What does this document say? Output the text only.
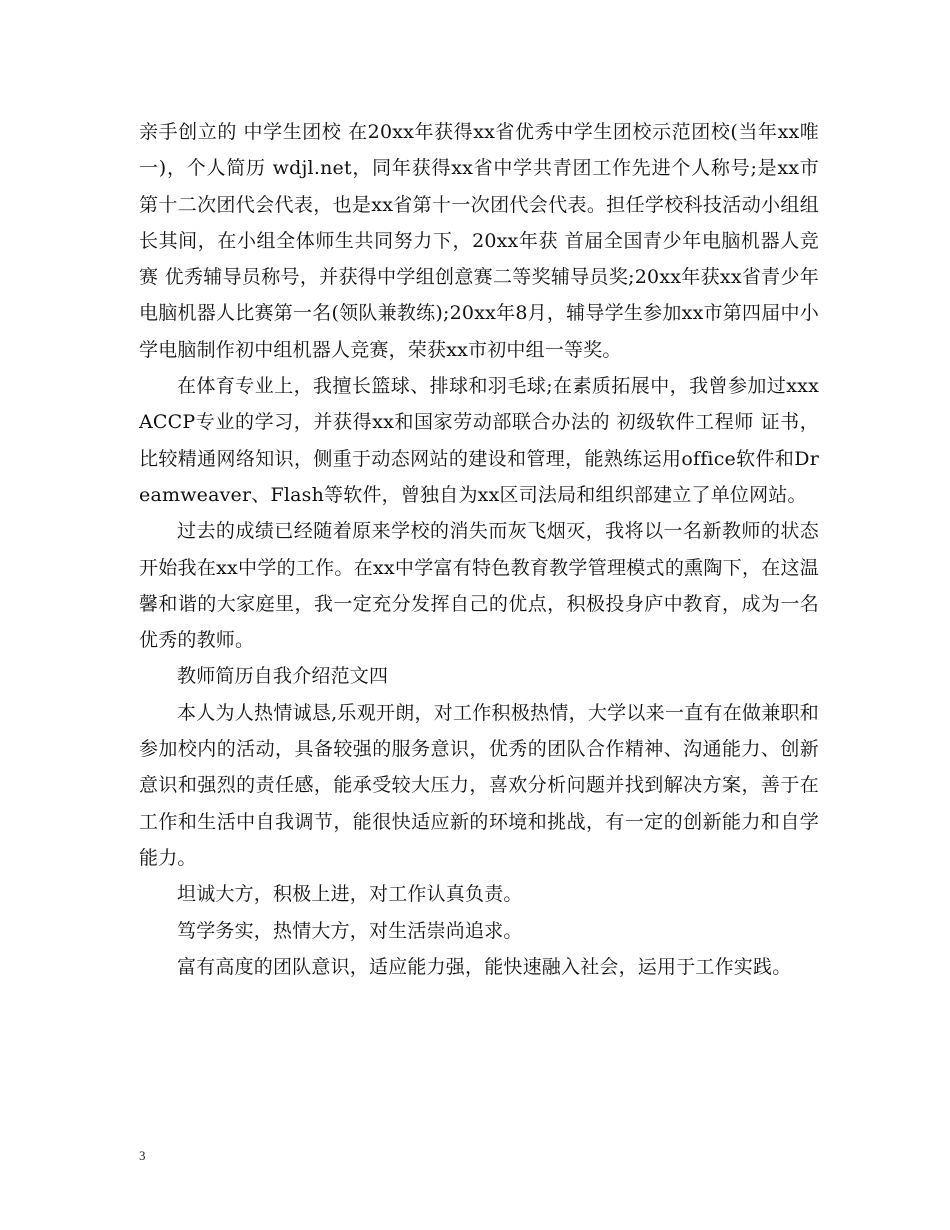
亲手创立的 中学生团校 在20xx年获得xx省优秀中学生团校示范团校(当年xx唯一)，个人简历 wdjl.net，同年获得xx省中学共青团工作先进个人称号;是xx市第十二次团代会代表，也是xx省第十一次团代会代表。担任学校科技活动小组组长其间，在小组全体师生共同努力下，20xx年获 首届全国青少年电脑机器人竞赛 优秀辅导员称号，并获得中学组创意赛二等奖辅导员奖;20xx年获xx省青少年电脑机器人比赛第一名(领队兼教练);20xx年8月，辅导学生参加xx市第四届中小学电脑制作初中组机器人竞赛，荣获xx市初中组一等奖。

在体育专业上，我擅长篮球、排球和羽毛球;在素质拓展中，我曾参加过xxxACCP专业的学习，并获得xx和国家劳动部联合办法的 初级软件工程师 证书，比较精通网络知识，侧重于动态网站的建设和管理，能熟练运用office软件和Dreamweaver、Flash等软件，曾独自为xx区司法局和组织部建立了单位网站。

过去的成绩已经随着原来学校的消失而灰飞烟灭，我将以一名新教师的状态开始我在xx中学的工作。在xx中学富有特色教育教学管理模式的熏陶下，在这温馨和谐的大家庭里，我一定充分发挥自己的优点，积极投身庐中教育，成为一名优秀的教师。

教师简历自我介绍范文四

本人为人热情诚恳,乐观开朗，对工作积极热情，大学以来一直有在做兼职和参加校内的活动，具备较强的服务意识，优秀的团队合作精神、沟通能力、创新意识和强烈的责任感，能承受较大压力，喜欢分析问题并找到解决方案，善于在工作和生活中自我调节，能很快适应新的环境和挑战，有一定的创新能力和自学能力。

坦诚大方，积极上进，对工作认真负责。

笃学务实，热情大方，对生活崇尚追求。

富有高度的团队意识，适应能力强，能快速融入社会，运用于工作实践。

3
